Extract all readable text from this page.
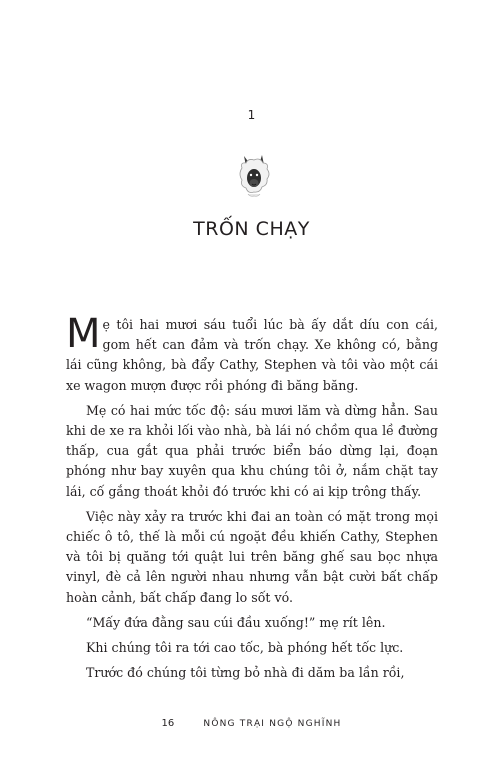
1
TRỐN CHẠY

Mẹ tôi hai mươi sáu tuổi lúc bà ấy dắt díu con cái, gom hết can đảm và trốn chạy. Xe không có, bằng lái cũng không, bà đẩy Cathy, Stephen và tôi vào một cái xe wagon mượn được rồi phóng đi băng băng.

Mẹ có hai mức tốc độ: sáu mươi lăm và dừng hẳn. Sau khi de xe ra khỏi lối vào nhà, bà lái nó chồm qua lề đường thấp, cua gắt qua phải trước biển báo dừng lại, đoạn phóng như bay xuyên qua khu chúng tôi ở, nắm chặt tay lái, cố gắng thoát khỏi đó trước khi có ai kịp trông thấy.

Việc này xảy ra trước khi đai an toàn có mặt trong mọi chiếc ô tô, thế là mỗi cú ngoặt đều khiến Cathy, Stephen và tôi bị quăng tới quật lui trên băng ghế sau bọc nhựa vinyl, đè cả lên người nhau nhưng vẫn bật cười bất chấp hoàn cảnh, bất chấp đang lo sốt vó.

“Mấy đứa đằng sau cúi đầu xuống!” mẹ rít lên.

Khi chúng tôi ra tới cao tốc, bà phóng hết tốc lực.

Trước đó chúng tôi từng bỏ nhà đi dăm ba lần rồi,

16	NÔNG TRẠI NGỘ NGHĨNH
